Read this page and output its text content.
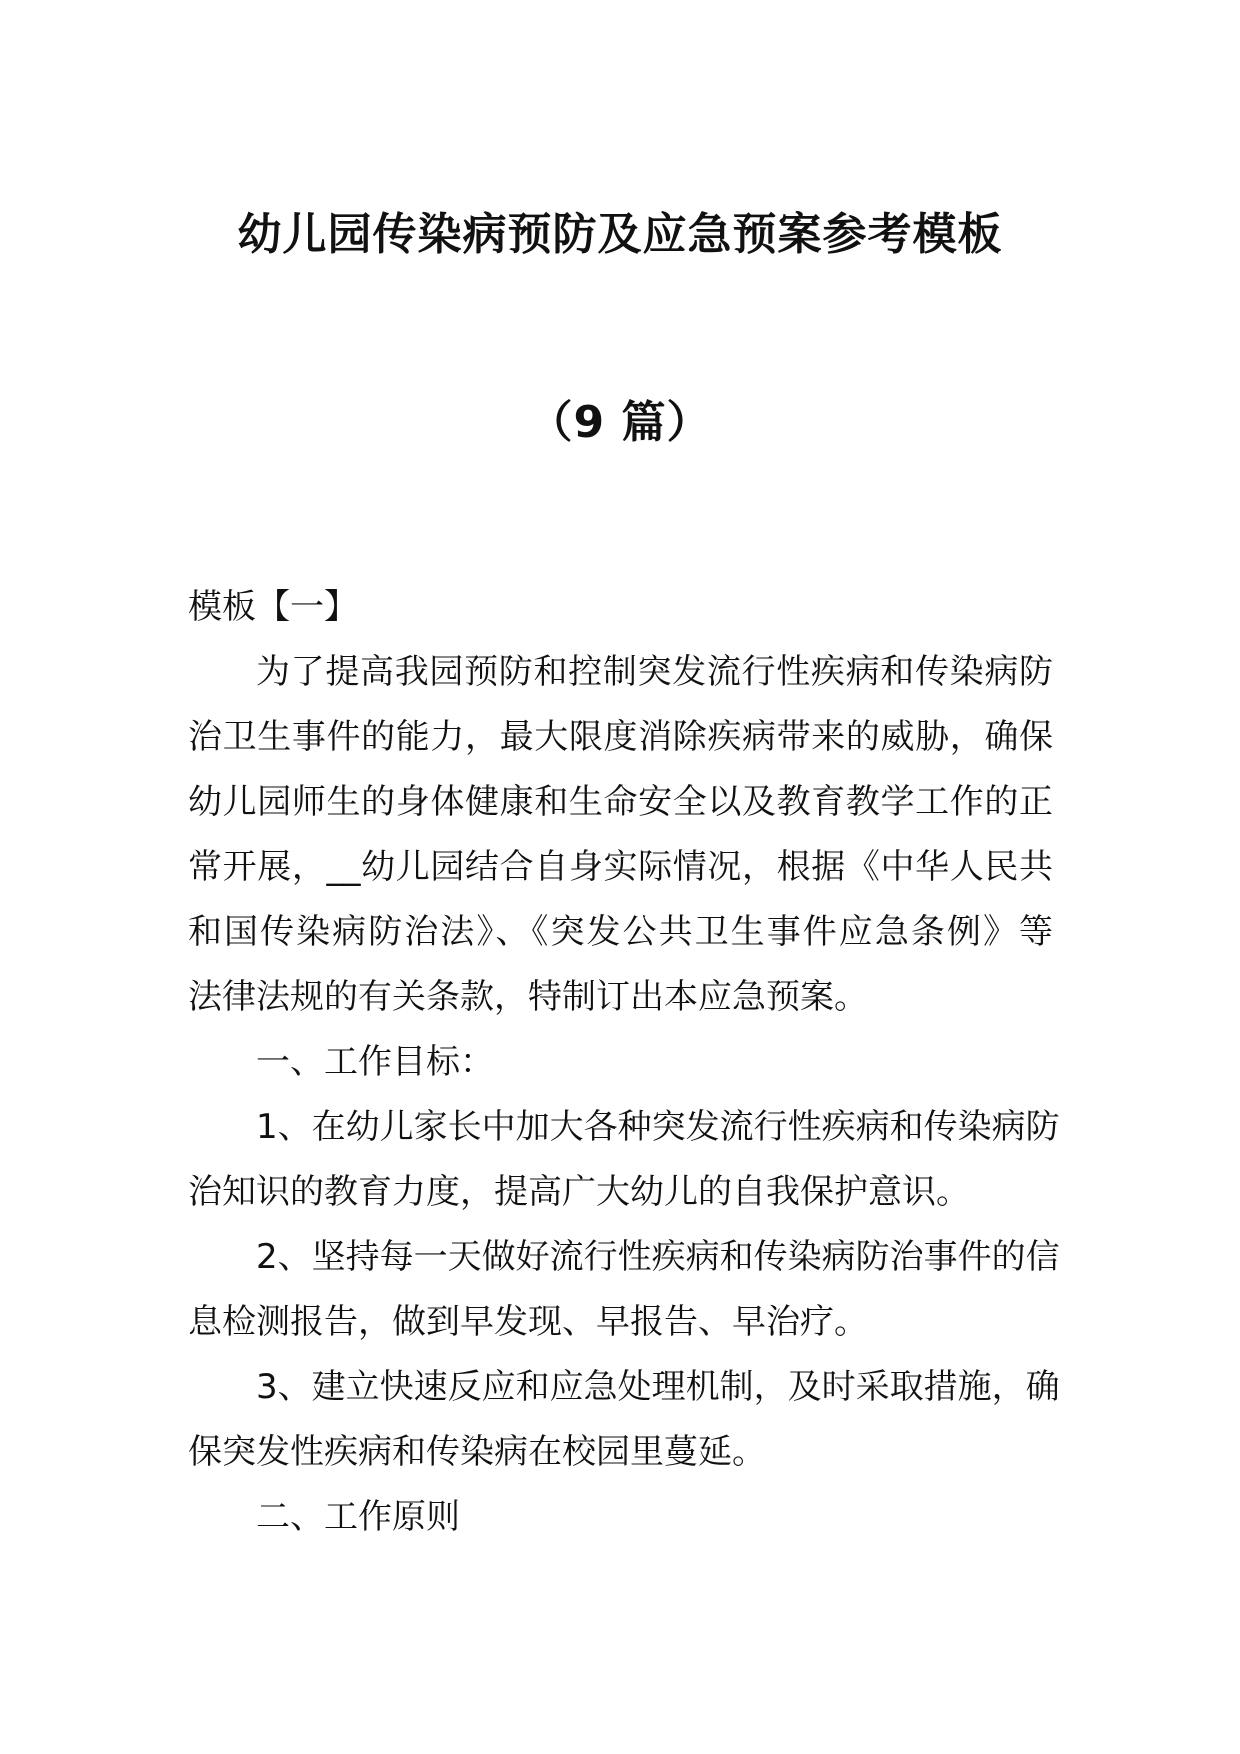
幼儿园传染病预防及应急预案参考模板
（9 篇）
模板【一】
为了提高我园预防和控制突发流行性疾病和传染病防
治卫生事件的能力，最大限度消除疾病带来的威胁，确保
幼儿园师生的身体健康和生命安全以及教育教学工作的正
常开展，__幼儿园结合自身实际情况，根据《中华人民共
和国传染病防治法》、《突发公共卫生事件应急条例》等
法律法规的有关条款，特制订出本应急预案。
一、工作目标：
1、在幼儿家长中加大各种突发流行性疾病和传染病防
治知识的教育力度，提高广大幼儿的自我保护意识。
2、坚持每一天做好流行性疾病和传染病防治事件的信
息检测报告，做到早发现、早报告、早治疗。
3、建立快速反应和应急处理机制，及时采取措施，确
保突发性疾病和传染病在校园里蔓延。
二、工作原则
